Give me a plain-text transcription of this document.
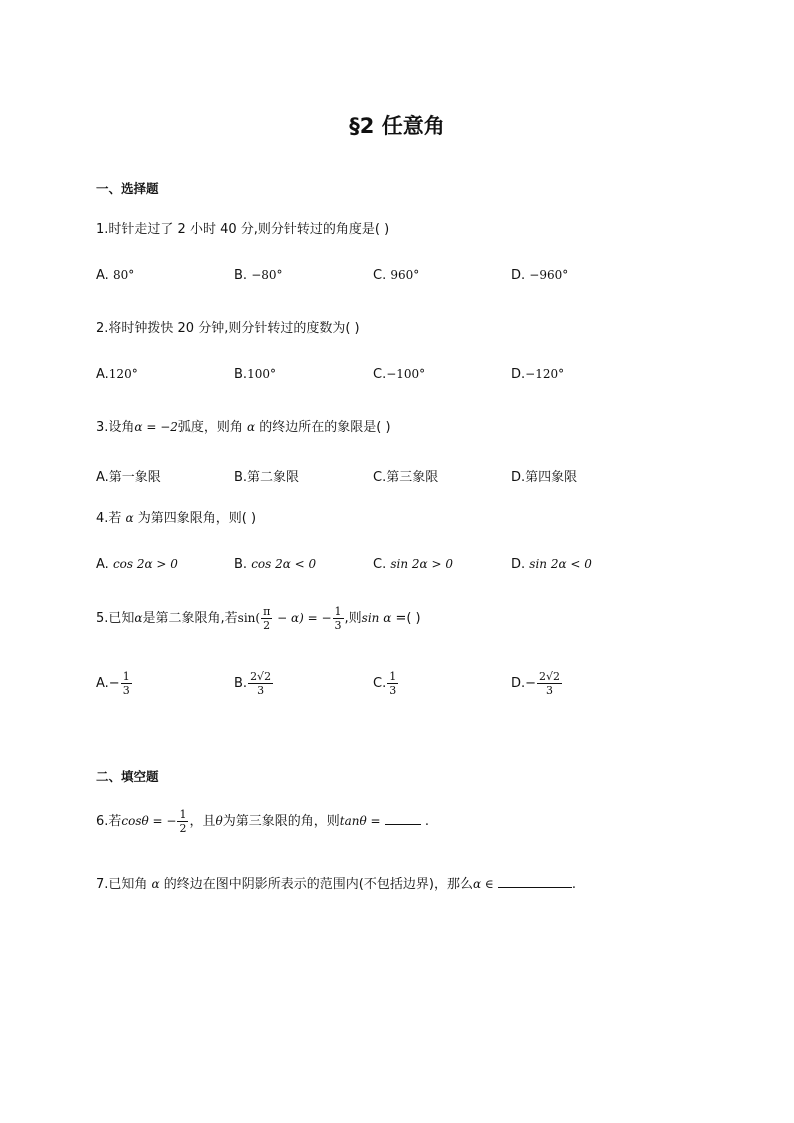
§2 任意角
一、选择题
1.时针走过了 2 小时 40 分,则分针转过的角度是( )
A. 80°	B. −80°	C. 960°	D. −960°
2.将时钟拨快 20 分钟,则分针转过的度数为( )
A.120°	B.100°	C.−100°	D.−120°
3.设角α = −2弧度，则角 α 的终边所在的象限是( )
A.第一象限	B.第二象限	C.第三象限	D.第四象限
4.若 α 为第四象限角，则( )
A. cos 2α > 0	B. cos 2α < 0	C. sin 2α > 0	D. sin 2α < 0
5.已知α是第二象限角,若$\sin( \frac{\pi}{2} - \alpha)$ = − $\frac{1}{3}$ ,则sin α =( )
$A.- \frac{1}{3}$	B. $\frac{2√2}{3}$	C. $\frac{1}{3}$	$D.- \frac{2√2}{3}$
二、填空题
6.若cosθ = − $\frac{1}{2}$ ，且θ为第三象限的角，则tanθ =	.
7.已知角 α 的终边在图中阴影所表示的范围内(不包括边界)，那么α ∈	.
